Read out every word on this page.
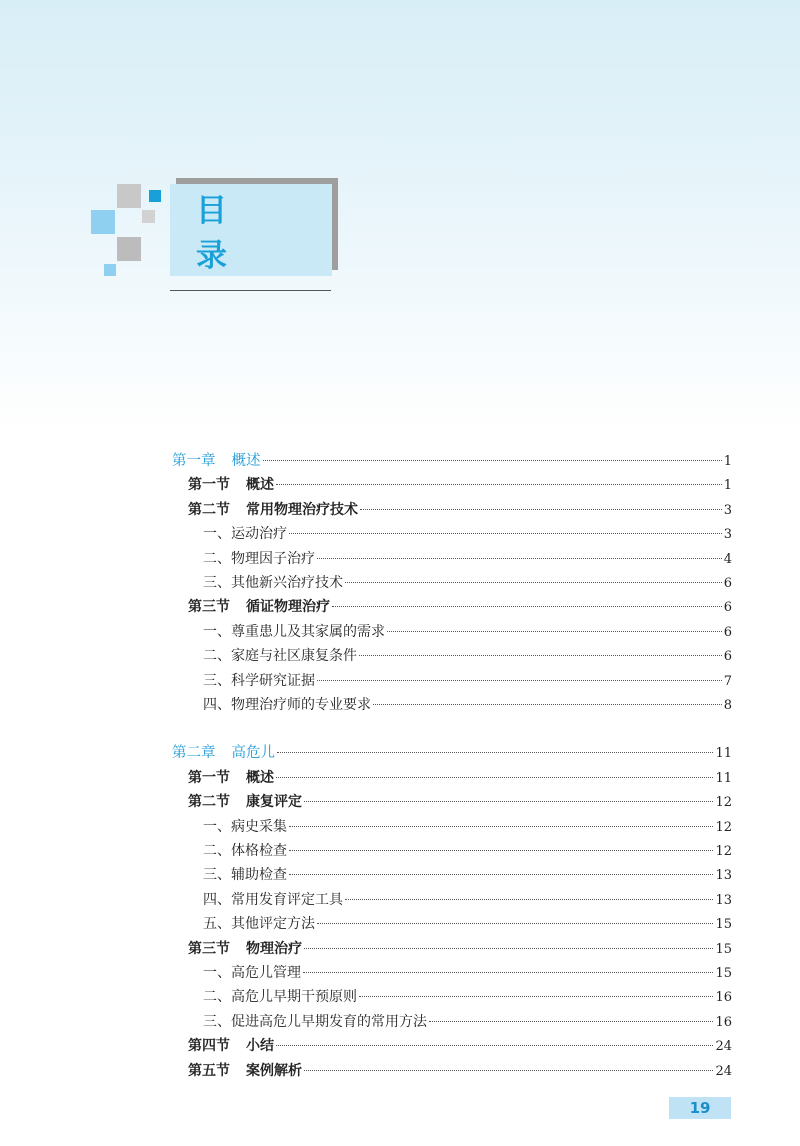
目 录
第一章 概述	1
第一节 概述	1
第二节 常用物理治疗技术	3
一、运动治疗	3
二、物理因子治疗	4
三、其他新兴治疗技术	6
第三节 循证物理治疗	6
一、尊重患儿及其家属的需求	6
二、家庭与社区康复条件	6
三、科学研究证据	7
四、物理治疗师的专业要求	8
第二章 高危儿	11
第一节 概述	11
第二节 康复评定	12
一、病史采集	12
二、体格检查	12
三、辅助检查	13
四、常用发育评定工具	13
五、其他评定方法	15
第三节 物理治疗	15
一、高危儿管理	15
二、高危儿早期干预原则	16
三、促进高危儿早期发育的常用方法	16
第四节 小结	24
第五节 案例解析	24
19
